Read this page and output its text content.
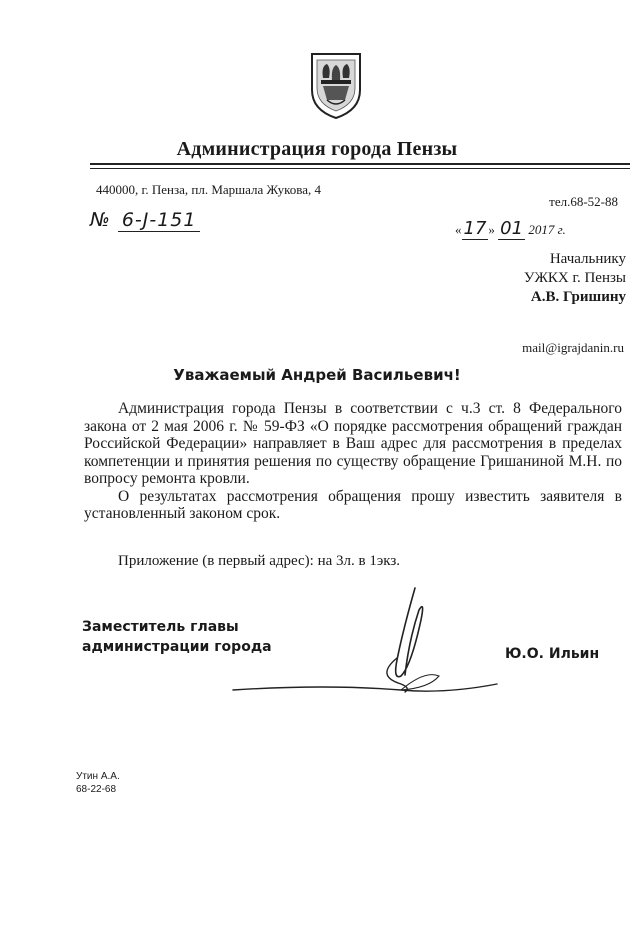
Администрация города Пензы
440000, г. Пенза, пл. Маршала Жукова, 4
тел.68-52-88
№ 6-Ј-151	« 17 » 01 2017 г.
Начальнику
УЖКХ г. Пензы
А.В. Гришину
mail@igrajdanin.ru
Уважаемый Андрей Васильевич!

Администрация города Пензы в соответствии с ч.3 ст. 8 Федерального закона от 2 мая 2006 г. № 59-ФЗ «О порядке рассмотрения обращений граждан Российской Федерации» направляет в Ваш адрес для рассмотрения в пределах компетенции и принятия решения по существу обращение Гришаниной М.Н. по вопросу ремонта кровли.

О результатах рассмотрения обращения прошу известить заявителя в установленный законом срок.

Приложение (в первый адрес): на 3л. в 1экз.
Заместитель главы
администрации города	Ю.О. Ильин
Утин А.А.
68-22-68
